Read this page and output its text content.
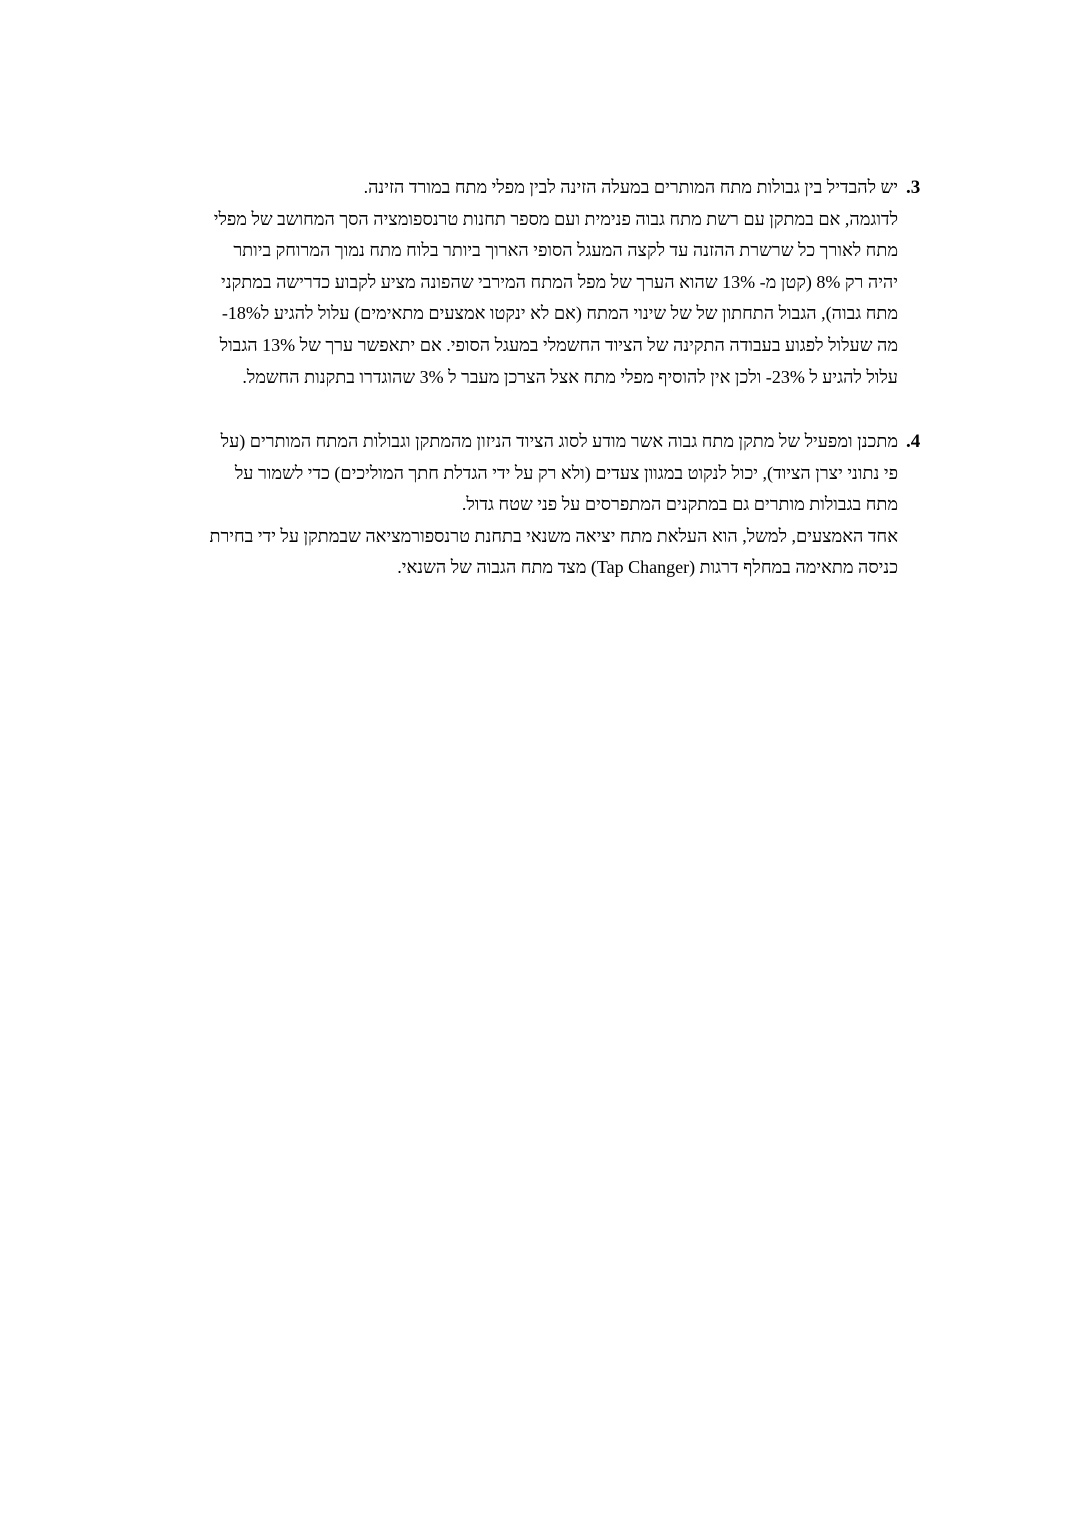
.3
יש להבדיל בין גבולות מתח המותרים במעלה הזינה לבין מפלי מתח במורד הזינה.
לדוגמה, אם במתקן עם רשת מתח גבוה פנימית ועם מספר תחנות טרנספומציה הסך המחושב של מפלי
מתח לאורך כל שרשרת ההזנה עד לקצה המעגל הסופי הארוך ביותר בלוח מתח נמוך המרוחק ביותר
יהיה רק 8% (קטן מ- 13% שהוא הערך של מפל המתח המירבי שהפונה מציע לקבוע כדרישה במתקני
מתח גבוה), הגבול התחתון של של שינוי המתח (אם לא ינקטו אמצעים מתאימים) עלול להגיע ל18%-
מה שעלול לפגוע בעבודה התקינה של הציוד החשמלי במעגל הסופי. אם יתאפשר ערך של 13% הגבול
עלול להגיע ל 23%- ולכן אין להוסיף מפלי מתח אצל הצרכן מעבר ל 3% שהוגדרו בתקנות החשמל.
.4
מתכנן ומפעיל של מתקן מתח גבוה אשר מודע לסוג הציוד הניזון מהמתקן וגבולות המתח המותרים (על
פי נתוני יצרן הציוד), יכול לנקוט במגוון צעדים (ולא רק על ידי הגדלת חתך המוליכים) כדי לשמור על
מתח בגבולות מותרים גם במתקנים המתפרסים על פני שטח גדול.
אחד האמצעים, למשל, הוא העלאת מתח יציאה משנאי בתחנת טרנספורמציאה שבמתקן על ידי בחירת
כניסה מתאימה במחלף דרגות (Tap Changer) מצד מתח הגבוה של השנאי.
